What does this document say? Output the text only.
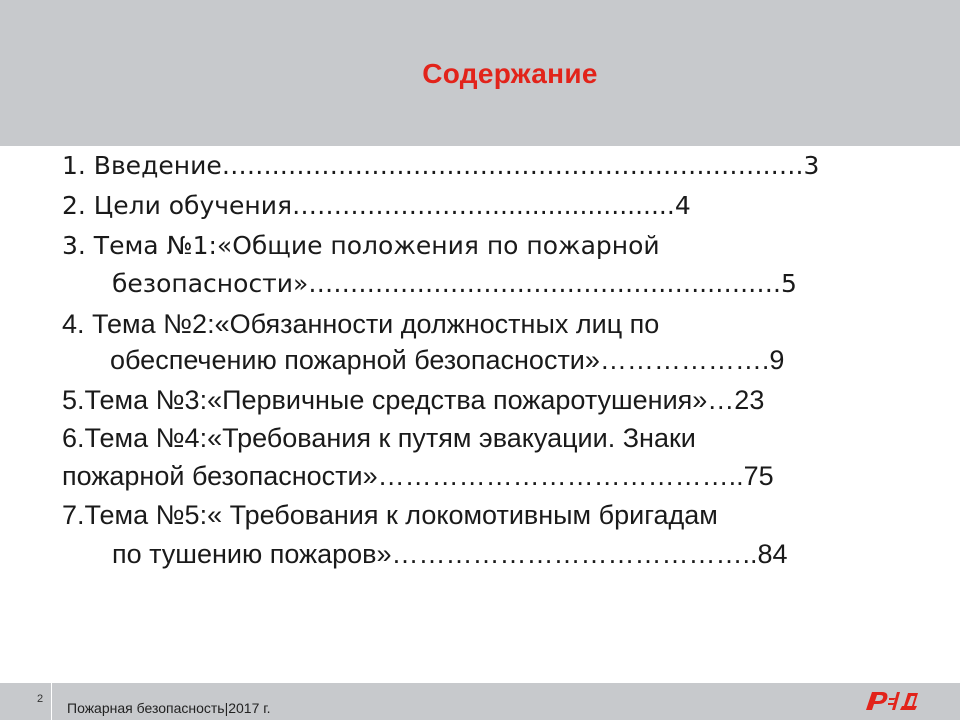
Содержание
1. Введение…….…………………………………………….…….….3
2. Цели обучения…………………….......................4
3. Тема №1:«Общие положения по пожарной
безопасности»…………………………………….…...….….5
4. Тема №2:«Обязанности должностных лиц по
обеспечению пожарной безопасности»……………….9
5.Тема №3:«Первичные средства пожаротушения»…23
6.Тема №4:«Требования к путям эвакуации. Знаки
пожарной безопасности»…………………………………..75
7.Тема №5:« Требования к локомотивным бригадам
по тушению пожаров»…………………………………..84
2
Пожарная безопасность|2017 г.
